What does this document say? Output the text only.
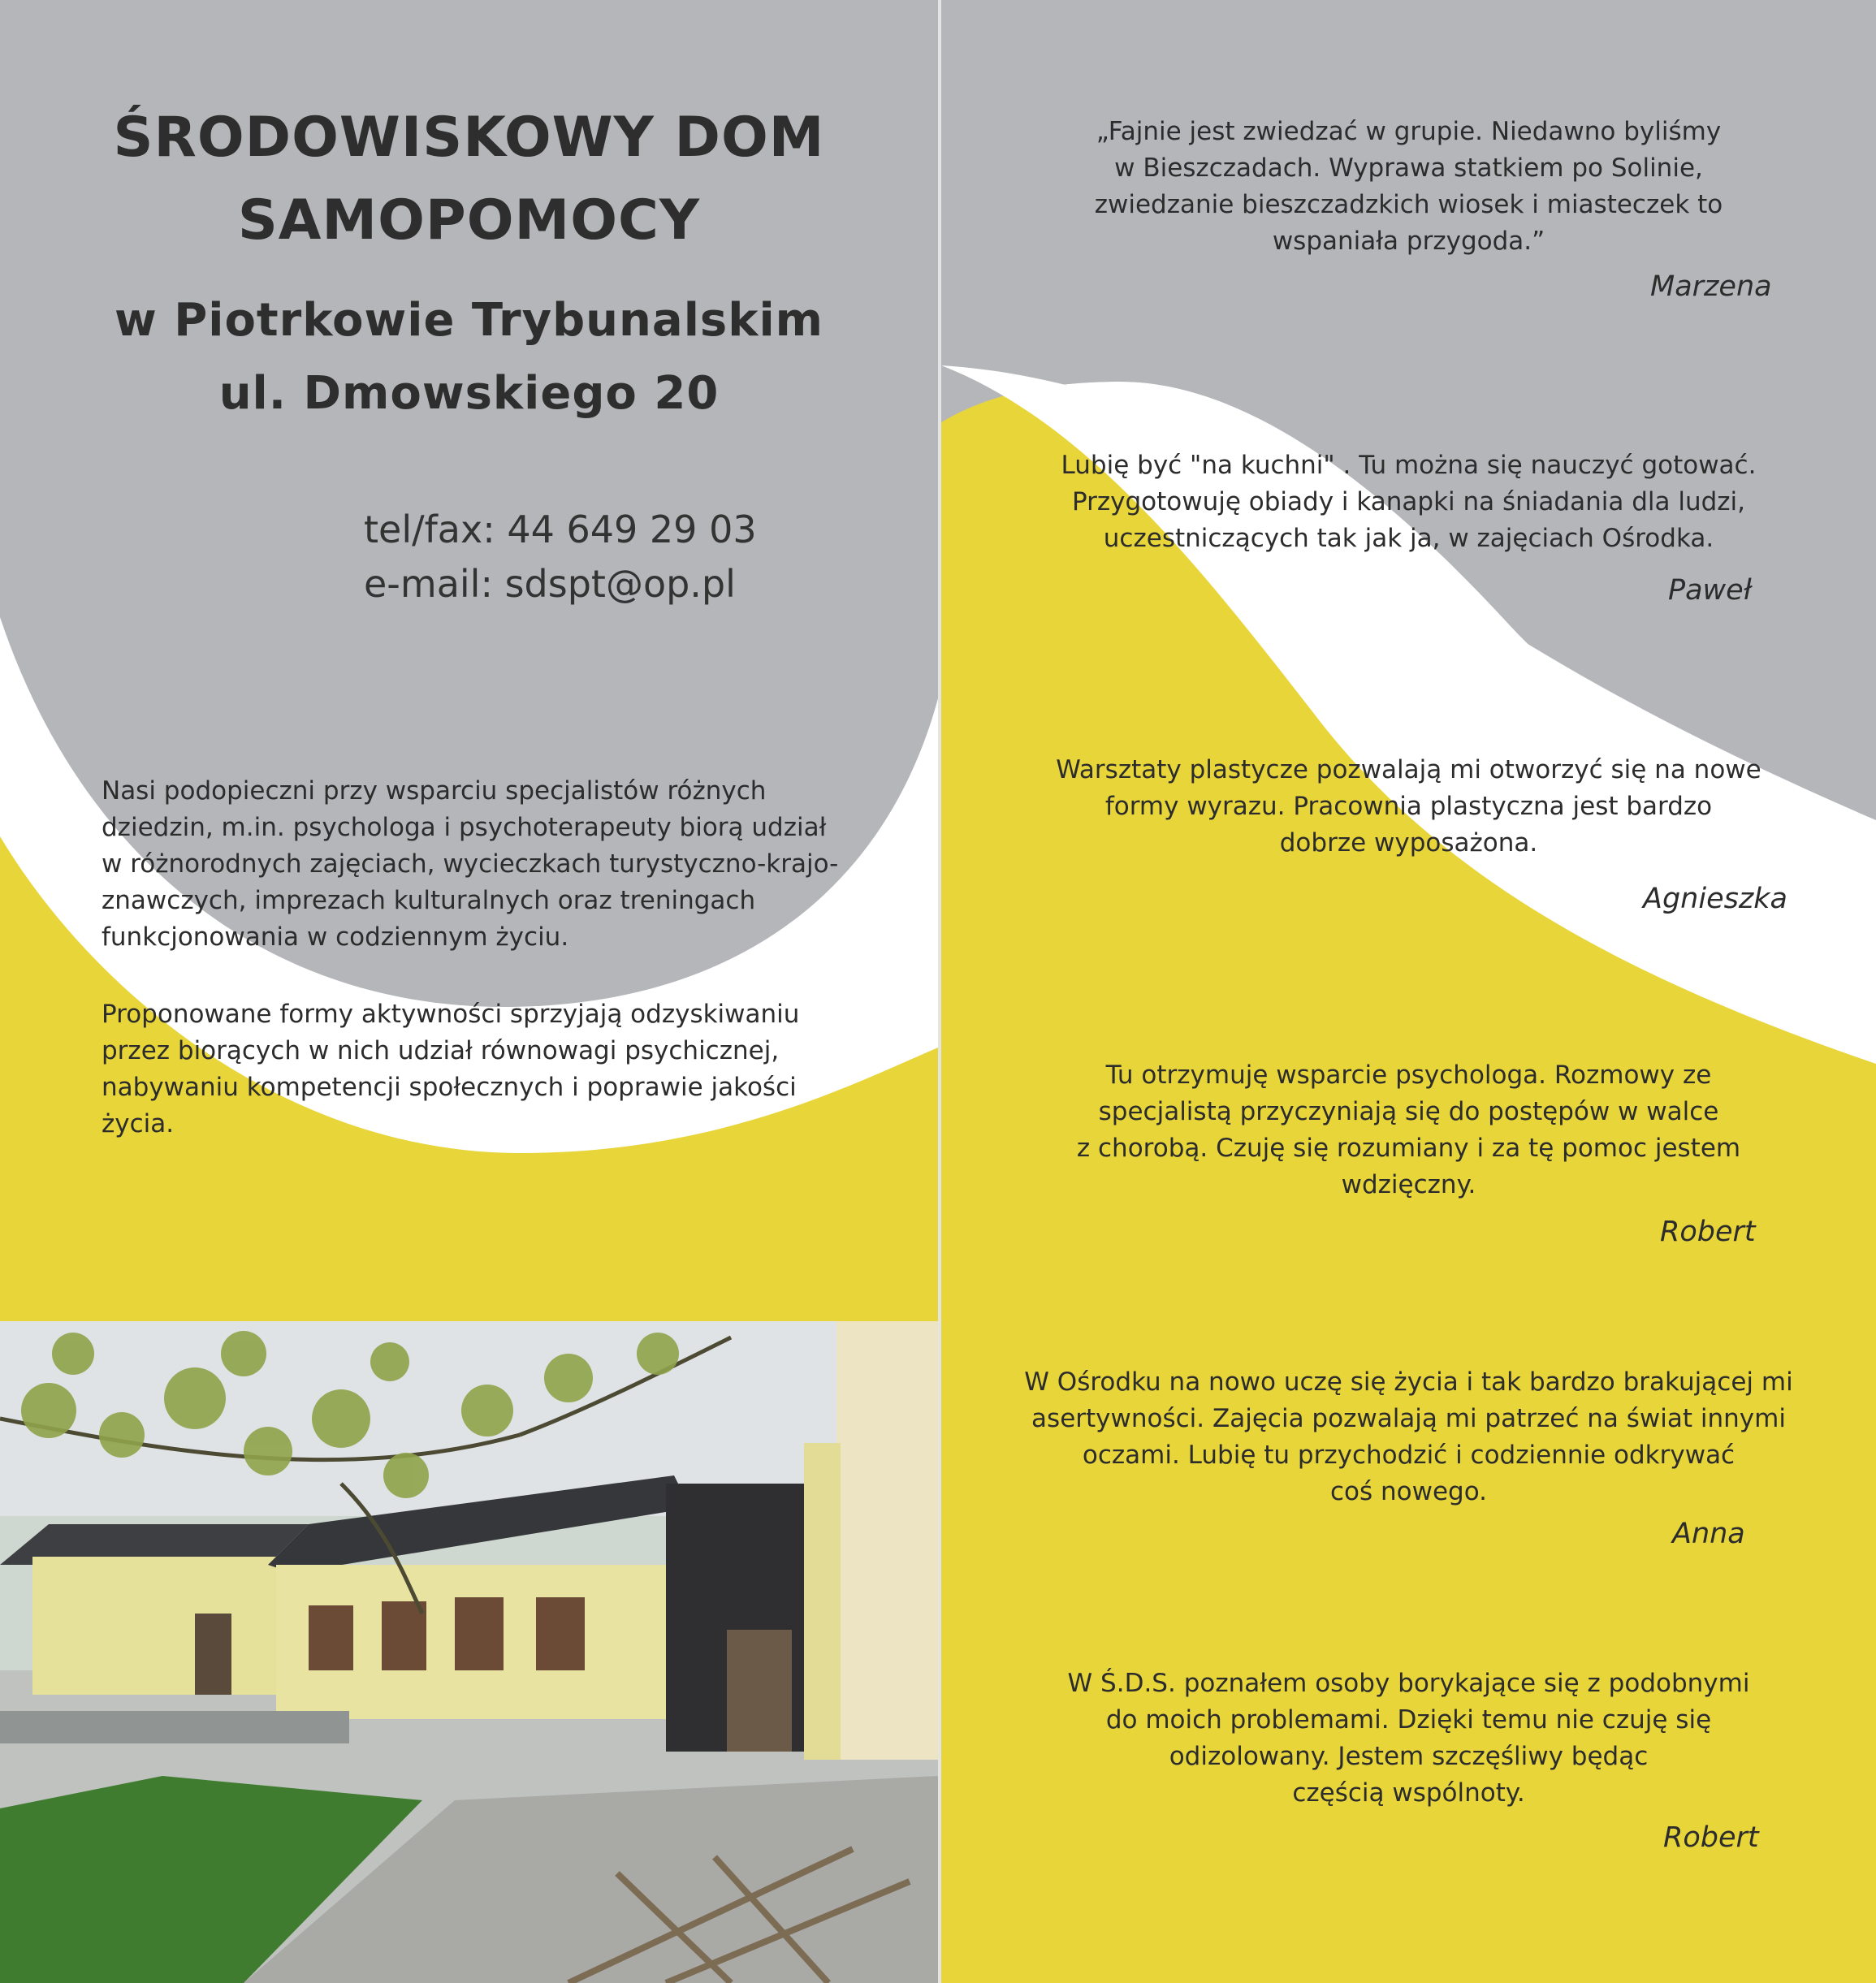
ŚRODOWISKOWY DOM
SAMOPOMOCY
w Piotrkowie Trybunalskim
ul. Dmowskiego 20
tel/fax: 44 649 29 03
e-mail: sdspt@op.pl

Nasi podopieczni przy wsparciu specjalistów różnych dziedzin, m.in. psychologa i psychoterapeuty biorą udział w różnorodnych zajęciach, wycieczkach turystyczno-krajo-znawczych, imprezach kulturalnych oraz treningach funkcjonowania w codziennym życiu.

Proponowane formy aktywności sprzyjają odzyskiwaniu przez biorących w nich udział równowagi psychicznej, nabywaniu kompetencji społecznych i poprawie jakości życia.

„Fajnie jest zwiedzać w grupie. Niedawno byliśmy
w Bieszczadach. Wyprawa statkiem po Solinie,
zwiedzanie bieszczadzkich wiosek i miasteczek to
wspaniała przygoda.”
Marzena
Lubię być "na kuchni" . Tu można się nauczyć gotować.
Przygotowuję obiady i kanapki na śniadania dla ludzi,
uczestniczących tak jak ja, w zajęciach Ośrodka.
Paweł
Warsztaty plastycze pozwalają mi otworzyć się na nowe
formy wyrazu. Pracownia plastyczna jest bardzo
dobrze wyposażona.
Agnieszka
Tu otrzymuję wsparcie psychologa. Rozmowy ze
specjalistą przyczyniają się do postępów w walce
z chorobą. Czuję się rozumiany i za tę pomoc jestem
wdzięczny.
Robert
W Ośrodku na nowo uczę się życia i tak bardzo brakującej mi
asertywności. Zajęcia pozwalają mi patrzeć na świat innymi
oczami. Lubię tu przychodzić i codziennie odkrywać
coś nowego.
Anna
W Ś.D.S. poznałem osoby borykające się z podobnymi
do moich problemami. Dzięki temu nie czuję się
odizolowany. Jestem szczęśliwy będąc
częścią wspólnoty.
Robert
